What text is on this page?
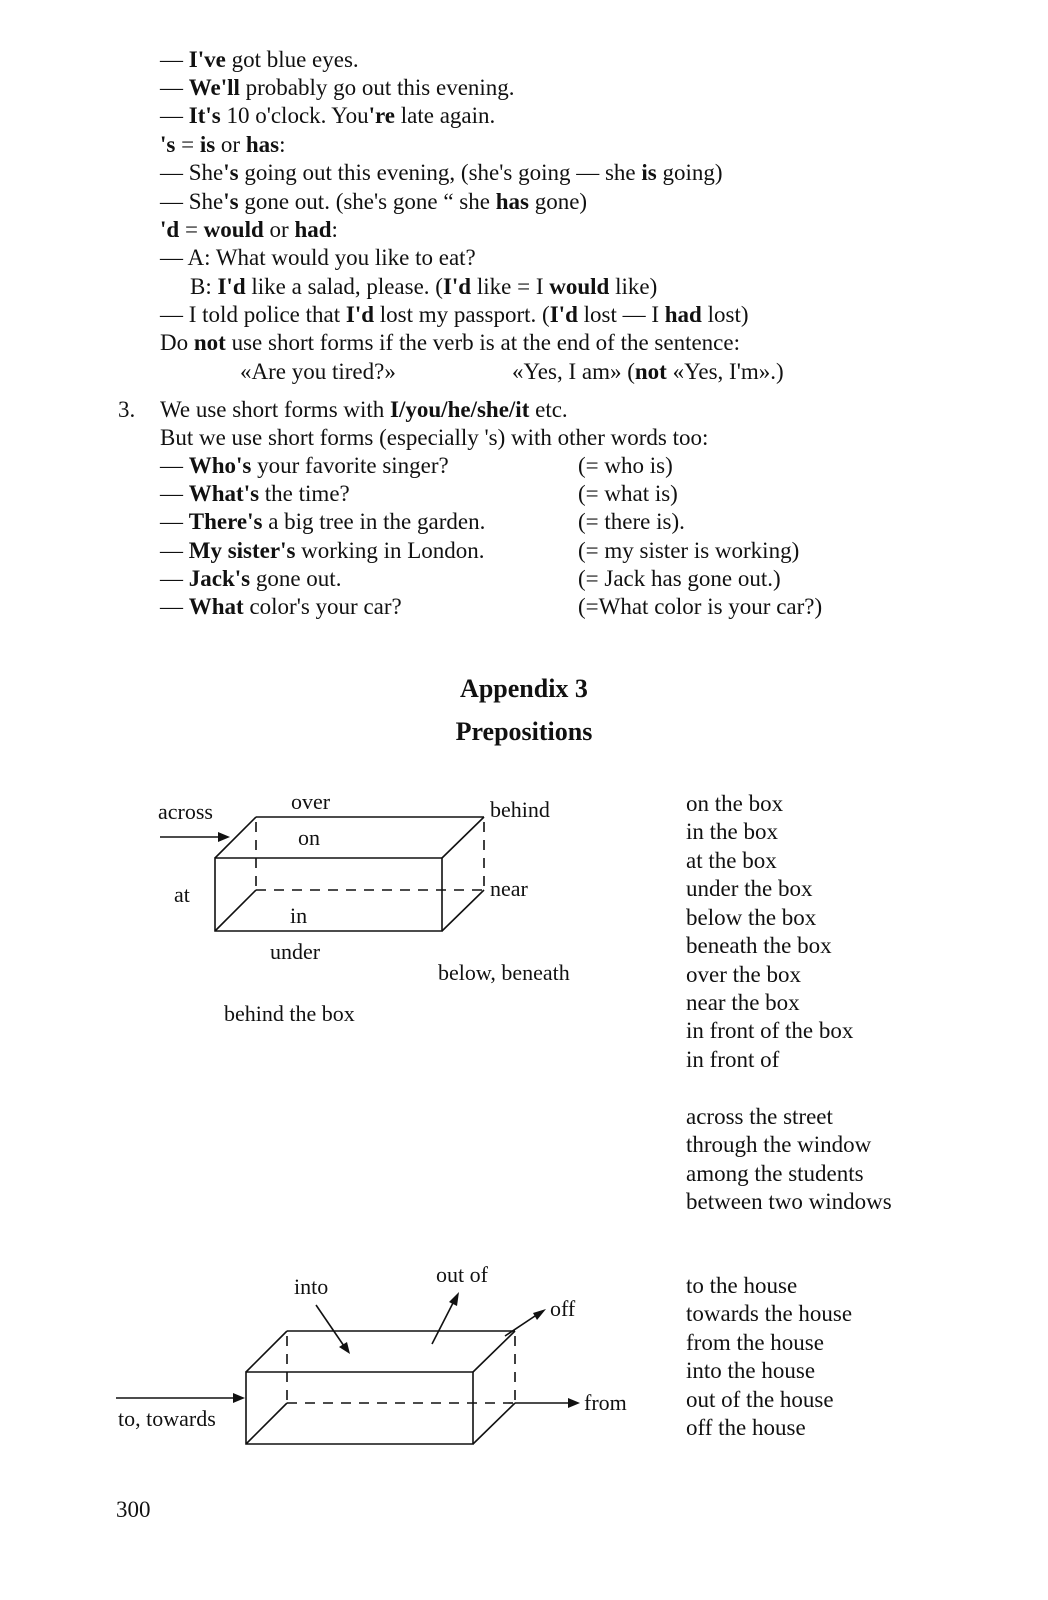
— I've got blue eyes.
— We'll probably go out this evening.
— It's 10 o'clock. You're late again.
's = is or has:
— She's going out this evening, (she's going — she is going)
— She's gone out. (she's gone “ she has gone)
'd = would or had:
— A: What would you like to eat?
B: I'd like a salad, please. (I'd like = I would like)
— I told police that I'd lost my passport. (I'd lost — I had lost)
Do not use short forms if the verb is at the end of the sentence:
«Are you tired?»	«Yes, I am» (not «Yes, I'm».)
3. We use short forms with I/you/he/she/it etc.
But we use short forms (especially 's) with other words too:
— Who's your favorite singer?	(= who is)
— What's the time?	(= what is)
— There's a big tree in the garden.	(= there is).
— My sister's working in London.	(= my sister is working)
— Jack's gone out.	(= Jack has gone out.)
— What color's your car?	(=What color is your car?)
Appendix 3
Prepositions
across	over	behind
on
at	near
in
under
below, beneath
behind the box
on the box
in the box
at the box
under the box
below the box
beneath the box
over the box
near the box
in front of the box
in front of
across the street
through the window
among the students
between two windows
into	out of
off
to, towards
from
to the house
towards the house
from the house
into the house
out of the house
off the house
300
